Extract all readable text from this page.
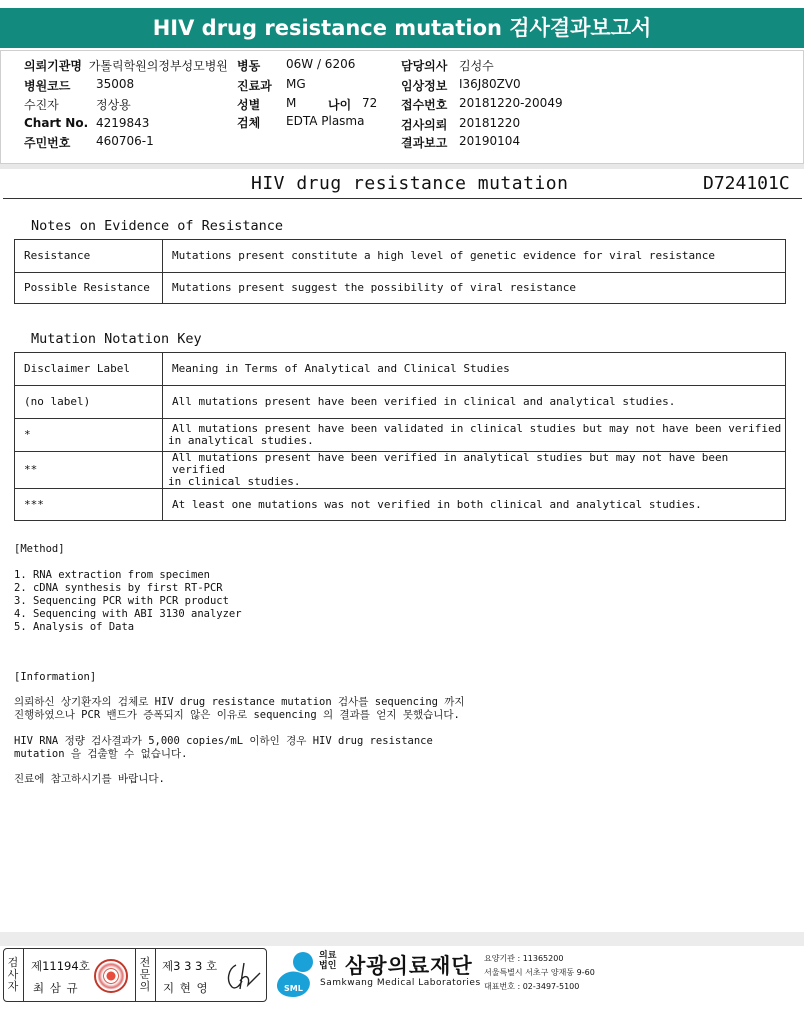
HIV drug resistance mutation 검사결과보고서
의뢰기관명 가톨릭학원의정부성모병원
병원코드 35008
수진자	정상용
Chart No. 4219843
주민번호 460706-1
병동 06W / 6206
진료과 MG
성별 M	나이 72
검체 EDTA Plasma
담당의사 김성수
임상정보 I36J80ZV0
접수번호 20181220-20049
검사의뢰 20181220
결과보고 20190104
HIV drug resistance mutation	D724101C
Notes on Evidence of Resistance
Resistance	Mutations present constitute a high level of genetic evidence for viral resistance
Possible Resistance	Mutations present suggest the possibility of viral resistance
Mutation Notation Key
Disclaimer Label	Meaning in Terms of Analytical and Clinical Studies
(no label)	All mutations present have been verified in clinical and analytical studies.
*	All mutations present have been validated in clinical studies but may not have been verified
in analytical studies.

**	All mutations present have been verified in analytical studies but may not have been verified
in clinical studies.

***	At least one mutations was not verified in both clinical and analytical studies.
[Method]
1. RNA extraction from specimen
2. cDNA synthesis by first RT-PCR
3. Sequencing PCR with PCR product
4. Sequencing with ABI 3130 analyzer
5. Analysis of Data
[Information]
의뢰하신 상기환자의 검체로 HIV drug resistance mutation 검사를 sequencing 까지
진행하였으나 PCR 밴드가 증폭되지 않은 이유로 sequencing 의 결과를 얻지 못했습니다.
HIV RNA 정량 검사결과가 5,000 copies/mL 이하인 경우 HIV drug resistance
mutation 을 검출할 수 없습니다.
진료에 참고하시기를 바랍니다.
검
사
자
제11194호
최 삼 규
전
문
의
제3 3 3 호
지 현 영	SML
의료
법인 삼광의료재단
Samkwang Medical Laboratories
요양기관 : 11365200
서울특별시 서초구 양재동 9-60
대표번호 : 02-3497-5100
